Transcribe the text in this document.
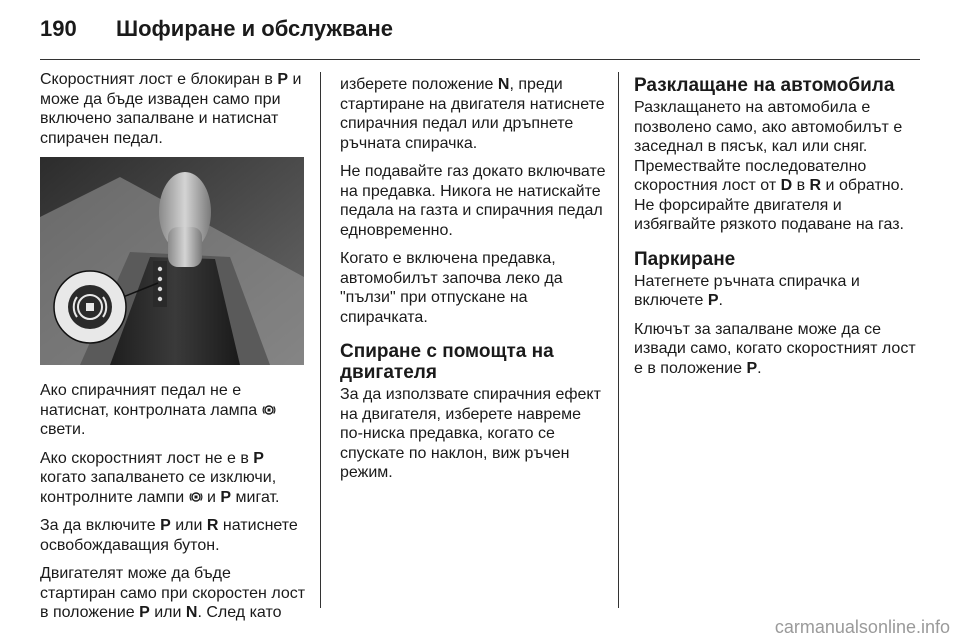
190	Шофиране и обслужване

Скоростният лост е блокиран в P и може да бъде изваден само при включено запалване и натиснат спирачен педал.

Ако спирачният педал не е натиснат, контролната лампа  свети.

Ако скоростният лост не е в P когато запалването се изключи, контролните лампи  и P мигат.

За да включите P или R натиснете освобождаващия бутон.

Двигателят може да бъде стартиран само при скоростен лост в положение P или N. След като

изберете положение N, преди стартиране на двигателя натиснете спирачния педал или дръпнете ръчната спирачка.

Не подавайте газ докато включвате на предавка. Никога не натискайте педала на газта и спирачния педал едновременно.

Когато е включена предавка, автомобилът започва леко да "пълзи" при отпускане на спирачката.

Спиране с помощта на двигателя

За да използвате спирачния ефект на двигателя, изберете навреме по-ниска предавка, когато се спускате по наклон, виж ръчен режим.

Разклащане на автомобила

Разклащането на автомобила е позволено само, ако автомобилът е заседнал в пясък, кал или сняг. Премествайте последователно скоростния лост от D в R и обратно. Не форсирайте двигателя и избягвайте рязкото подаване на газ.

Паркиране

Натегнете ръчната спирачка и включете P.

Ключът за запалване може да се извади само, когато скоростният лост е в положение P.

carmanualsonline.info
